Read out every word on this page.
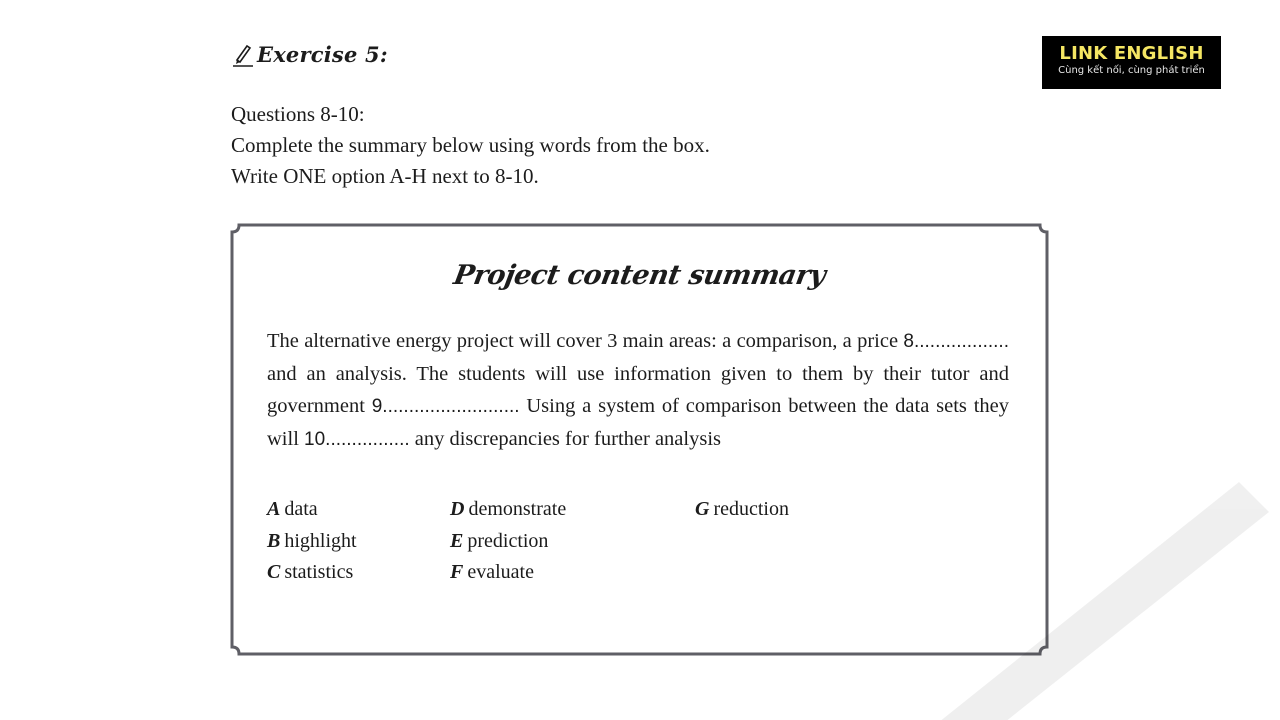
Exercise 5:
Questions 8-10:
Complete the summary below using words from the box.
Write ONE option A-H next to 8-10.
LINK ENGLISH
Cùng kết nối, cùng phát triển
Project content summary
The alternative energy project will cover 3 main areas: a comparison, a price 8.................. and an analysis. The students will use information given to them by their tutor and government 9.......................... Using a system of comparison between the data sets they will 10................ any discrepancies for further analysis
A data
B highlight
C statistics
D demonstrate
E prediction
F evaluate
G reduction
